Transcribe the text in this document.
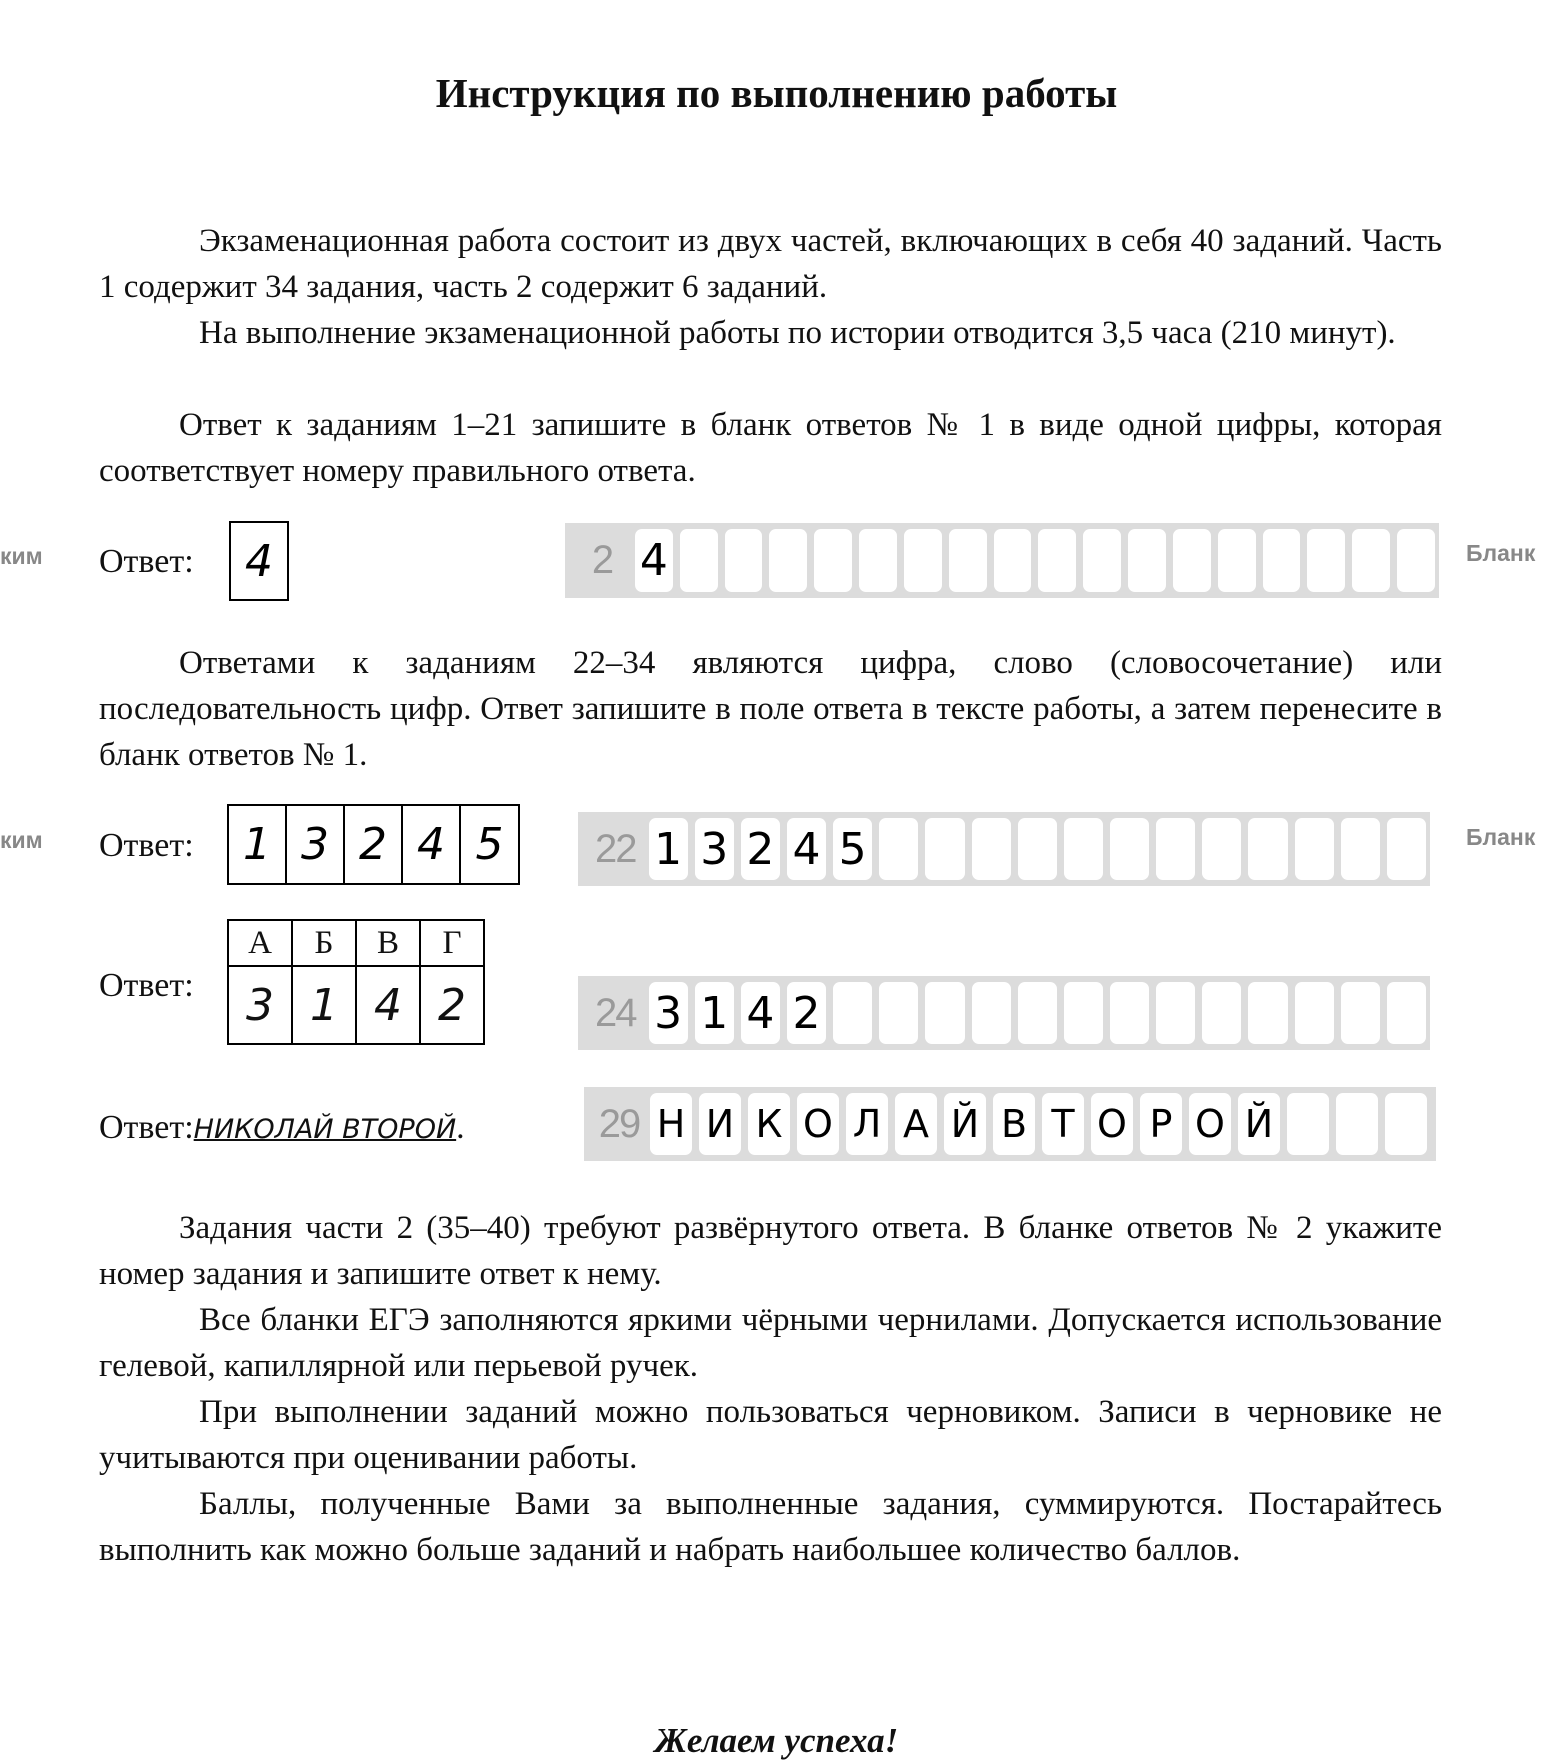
Инструкция по выполнению работы

Экзаменационная работа состоит из двух частей, включающих в себя 40 заданий. Часть 1 содержит 34 задания, часть 2 содержит 6 заданий.

На выполнение экзаменационной работы по истории отводится 3,5 часа (210 минут).

Ответ к заданиям 1–21 запишите в бланк ответов № 1 в виде одной цифры, которая соответствует номеру правильного ответа.

ким Ответ:	4	2 4	Бланк

Ответами к заданиям 22–34 являются цифра, слово (словосочетание) или последовательность цифр. Ответ запишите в поле ответа в тексте работы, а затем перенесите в бланк ответов № 1.

ким Ответ:	1 3 2 4 5	22 1 3 2 4 5	Бланк
Ответ:
А	Б	В	Г
3	1	4	2	24 3 1 4 2
Ответ:НИКОЛАЙ ВТОРОЙ.	29 Н И К О Л А Й В Т О Р О Й

Задания части 2 (35–40) требуют развёрнутого ответа. В бланке ответов № 2 укажите номер задания и запишите ответ к нему.

Все бланки ЕГЭ заполняются яркими чёрными чернилами. Допускается использование гелевой, капиллярной или перьевой ручек.

При выполнении заданий можно пользоваться черновиком. Записи в черновике не учитываются при оценивании работы.

Баллы, полученные Вами за выполненные задания, суммируются. Постарайтесь выполнить как можно больше заданий и набрать наибольшее количество баллов.

Желаем успеха!
